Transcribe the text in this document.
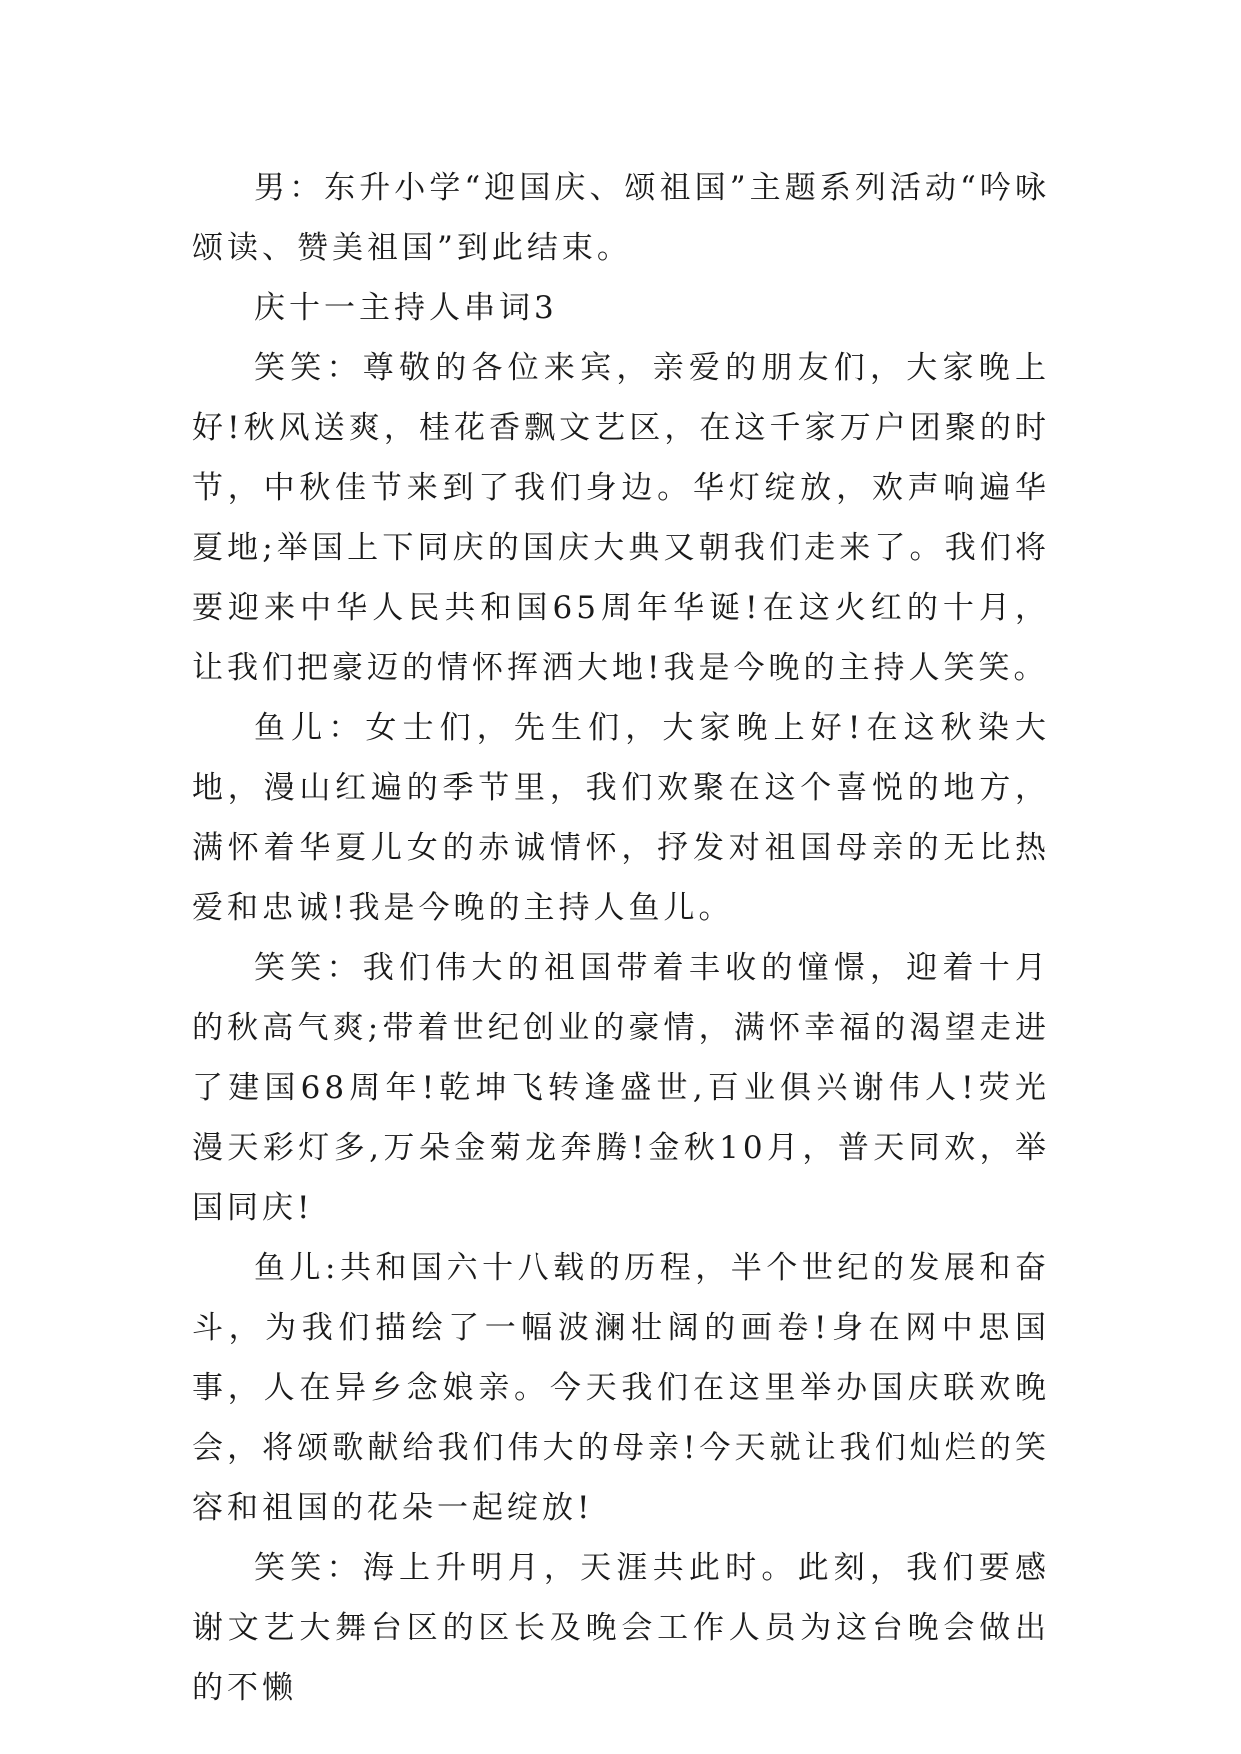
男：东升小学“迎国庆、颂祖国”主题系列活动“吟咏颂读、赞美祖国”到此结束。

庆十一主持人串词3

笑笑：尊敬的各位来宾，亲爱的朋友们，大家晚上好!秋风送爽，桂花香飘文艺区，在这千家万户团聚的时节，中秋佳节来到了我们身边。华灯绽放，欢声响遍华夏地;举国上下同庆的国庆大典又朝我们走来了。我们将要迎来中华人民共和国65周年华诞!在这火红的十月，让我们把豪迈的情怀挥洒大地!我是今晚的主持人笑笑。

鱼儿：女士们，先生们，大家晚上好!在这秋染大地，漫山红遍的季节里，我们欢聚在这个喜悦的地方，满怀着华夏儿女的赤诚情怀，抒发对祖国母亲的无比热爱和忠诚!我是今晚的主持人鱼儿。

笑笑：我们伟大的祖国带着丰收的憧憬，迎着十月的秋高气爽;带着世纪创业的豪情，满怀幸福的渴望走进了建国68周年!乾坤飞转逢盛世,百业俱兴谢伟人!荧光漫天彩灯多,万朵金菊龙奔腾!金秋10月，普天同欢，举国同庆!

鱼儿:共和国六十八载的历程，半个世纪的发展和奋斗，为我们描绘了一幅波澜壮阔的画卷!身在网中思国事，人在异乡念娘亲。今天我们在这里举办国庆联欢晚会，将颂歌献给我们伟大的母亲!今天就让我们灿烂的笑容和祖国的花朵一起绽放!

笑笑：海上升明月，天涯共此时。此刻，我们要感谢文艺大舞台区的区长及晚会工作人员为这台晚会做出的不懒
